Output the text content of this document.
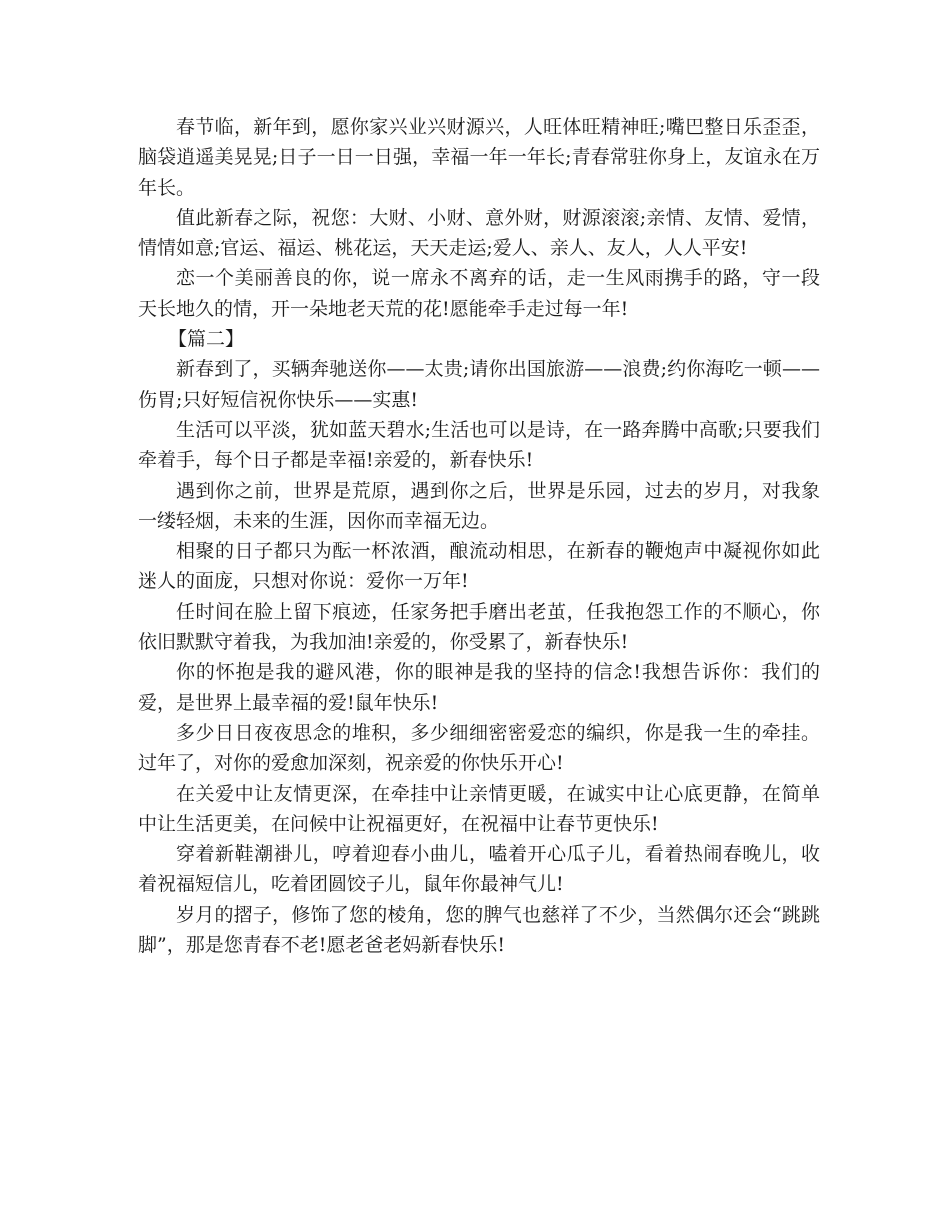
春节临，新年到，愿你家兴业兴财源兴，人旺体旺精神旺;嘴巴整日乐歪歪，脑袋逍遥美晃晃;日子一日一日强，幸福一年一年长;青春常驻你身上，友谊永在万年长。

值此新春之际，祝您：大财、小财、意外财，财源滚滚;亲情、友情、爱情，情情如意;官运、福运、桃花运，天天走运;爱人、亲人、友人，人人平安!

恋一个美丽善良的你，说一席永不离弃的话，走一生风雨携手的路，守一段天长地久的情，开一朵地老天荒的花!愿能牵手走过每一年!

【篇二】

新春到了，买辆奔驰送你——太贵;请你出国旅游——浪费;约你海吃一顿——伤胃;只好短信祝你快乐——实惠!

生活可以平淡，犹如蓝天碧水;生活也可以是诗，在一路奔腾中高歌;只要我们牵着手，每个日子都是幸福!亲爱的，新春快乐!

遇到你之前，世界是荒原，遇到你之后，世界是乐园，过去的岁月，对我象一缕轻烟，未来的生涯，因你而幸福无边。

相聚的日子都只为酝一杯浓酒，酿流动相思，在新春的鞭炮声中凝视你如此迷人的面庞，只想对你说：爱你一万年!

任时间在脸上留下痕迹，任家务把手磨出老茧，任我抱怨工作的不顺心，你依旧默默守着我，为我加油!亲爱的，你受累了，新春快乐!

你的怀抱是我的避风港，你的眼神是我的坚持的信念!我想告诉你：我们的爱，是世界上最幸福的爱!鼠年快乐!

多少日日夜夜思念的堆积，多少细细密密爱恋的编织，你是我一生的牵挂。过年了，对你的爱愈加深刻，祝亲爱的你快乐开心!

在关爱中让友情更深，在牵挂中让亲情更暖，在诚实中让心底更静，在简单中让生活更美，在问候中让祝福更好，在祝福中让春节更快乐!

穿着新鞋潮褂儿，哼着迎春小曲儿，嗑着开心瓜子儿，看着热闹春晚儿，收着祝福短信儿，吃着团圆饺子儿，鼠年你最神气儿!

岁月的摺子，修饰了您的棱角，您的脾气也慈祥了不少，当然偶尔还会“跳跳脚”，那是您青春不老!愿老爸老妈新春快乐!
